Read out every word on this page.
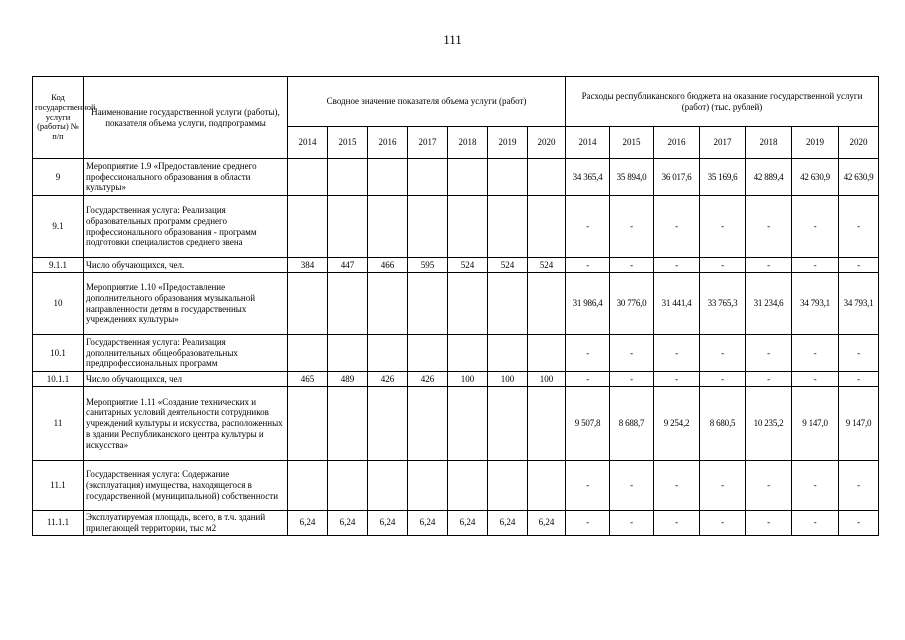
111
Код государственной услуги (работы) № п/п	Наименование государственной услуги (работы), показателя объема услуги, подпрограммы	Сводное значение показателя объема услуги (работ)							Расходы республиканского бюджета на оказание государственной услуги (работ) (тыс. рублей)						
		2014	2015	2016	2017	2018	2019	2020	2014	2015	2016	2017	2018	2019	2020
9	Мероприятие 1.9 «Предоставление среднего профессионального образования в области культуры»								34 365,4	35 894,0	36 017,6	35 169,6	42 889,4	42 630,9	42 630,9
9.1	Государственная услуга: Реализация образовательных программ среднего профессионального образования - программ подготовки специалистов среднего звена								-	-	-	-	-	-	-
9.1.1	Число обучающихся, чел.	384	447	466	595	524	524	524	-	-	-	-	-	-	-
10	Мероприятие 1.10 «Предоставление дополнительного образования музыкальной направленности детям в государственных учреждениях культуры»								31 986,4	30 776,0	31 441,4	33 765,3	31 234,6	34 793,1	34 793,1
10.1	Государственная услуга: Реализация дополнительных общеобразовательных предпрофессиональных программ								-	-	-	-	-	-	-
10.1.1	Число обучающихся, чел	465	489	426	426	100	100	100	-	-	-	-	-	-	-
11	Мероприятие 1.11 «Создание технических и санитарных условий деятельности сотрудников учреждений культуры и искусства, расположенных в здании Республиканского центра культуры и искусства»								9 507,8	8 688,7	9 254,2	8 680,5	10 235,2	9 147,0	9 147,0
11.1	Государственная услуга: Содержание (эксплуатация) имущества, находящегося в государственной (муниципальной) собственности								-	-	-	-	-	-	-
11.1.1	Эксплуатируемая площадь, всего, в т.ч. зданий прилегающей территории, тыс м2	6,24	6,24	6,24	6,24	6,24	6,24	6,24	-	-	-	-	-	-	-
